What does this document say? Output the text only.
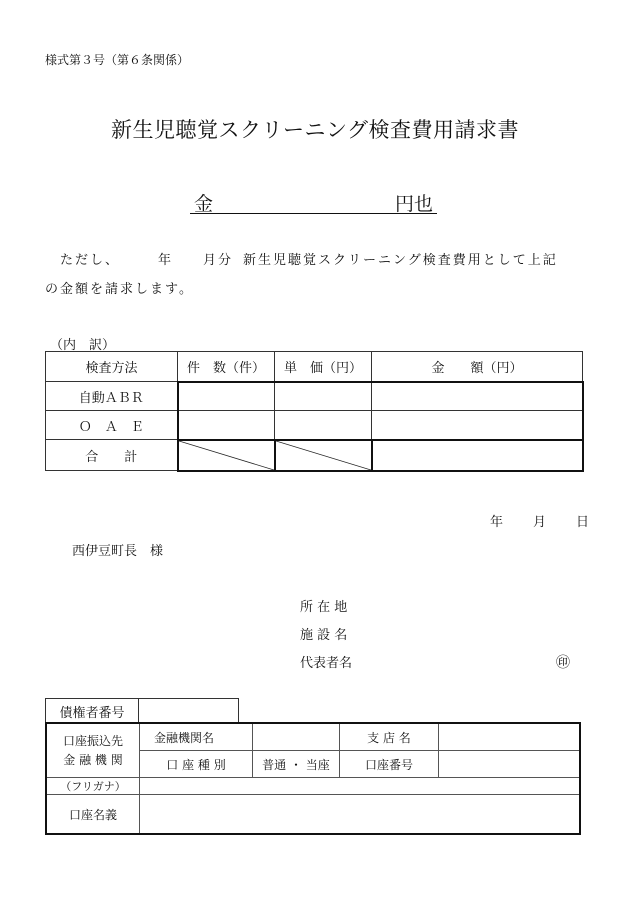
様式第３号（第６条関係）
新生児聴覚スクリーニング検査費用請求書
金	円也
ただし、	年 月分 新生児聴覚スクリーニング検査費用として上記
の金額を請求します。
（内　訳）
検査方法	件　数（件）	単　価（円）	金　　額（円）
自動ＡＢＲ			
Ｏ　Ａ　Ｅ			
合　　計	

年 月 日
西伊豆町長　様
所 在 地
施 設 名
代表者名	㊞
債権者番号	
口座振込先
金 融 機 関	金融機関名		支 店 名	
	口 座 種 別	普通 ・ 当座	口座番号	
（フリガナ）				
口座名義				
